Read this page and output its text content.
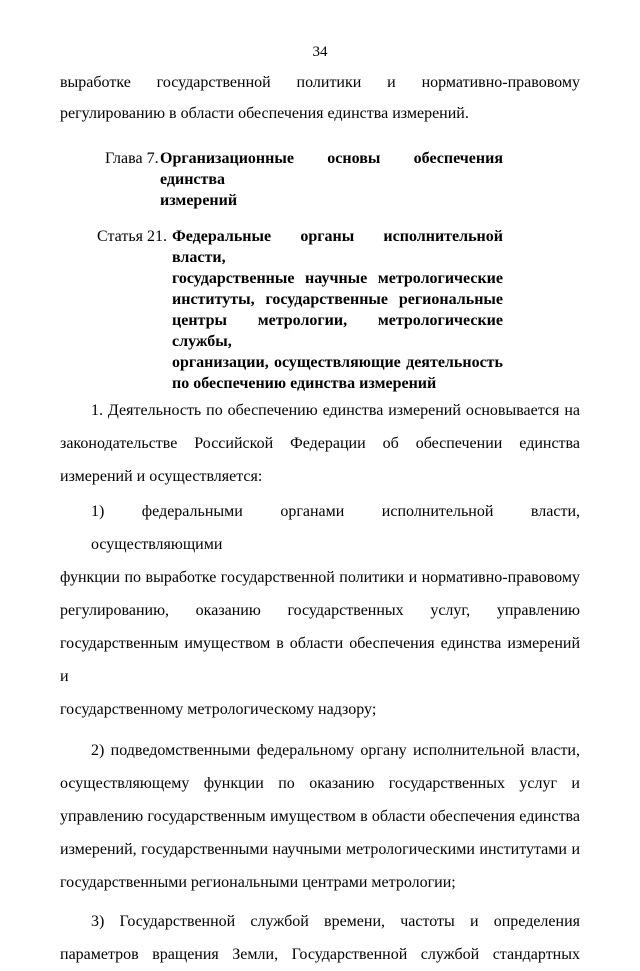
34
выработке государственной политики и нормативно-правовому
регулированию в области обеспечения единства измерений.
Глава 7. Организационные основы обеспечения единства
измерений
Статья 21. Федеральные органы исполнительной власти,
государственные научные метрологические
институты, государственные региональные
центры метрологии, метрологические службы,
организации, осуществляющие деятельность
по обеспечению единства измерений
1. Деятельность по обеспечению единства измерений основывается на
законодательстве Российской Федерации об обеспечении единства
измерений и осуществляется:
1) федеральными органами исполнительной власти, осуществляющими
функции по выработке государственной политики и нормативно-правовому
регулированию, оказанию государственных услуг, управлению
государственным имуществом в области обеспечения единства измерений и
государственному метрологическому надзору;
2) подведомственными федеральному органу исполнительной власти,
осуществляющему функции по оказанию государственных услуг и
управлению государственным имуществом в области обеспечения единства
измерений, государственными научными метрологическими институтами и
государственными региональными центрами метрологии;
3) Государственной службой времени, частоты и определения
параметров вращения Земли, Государственной службой стандартных
